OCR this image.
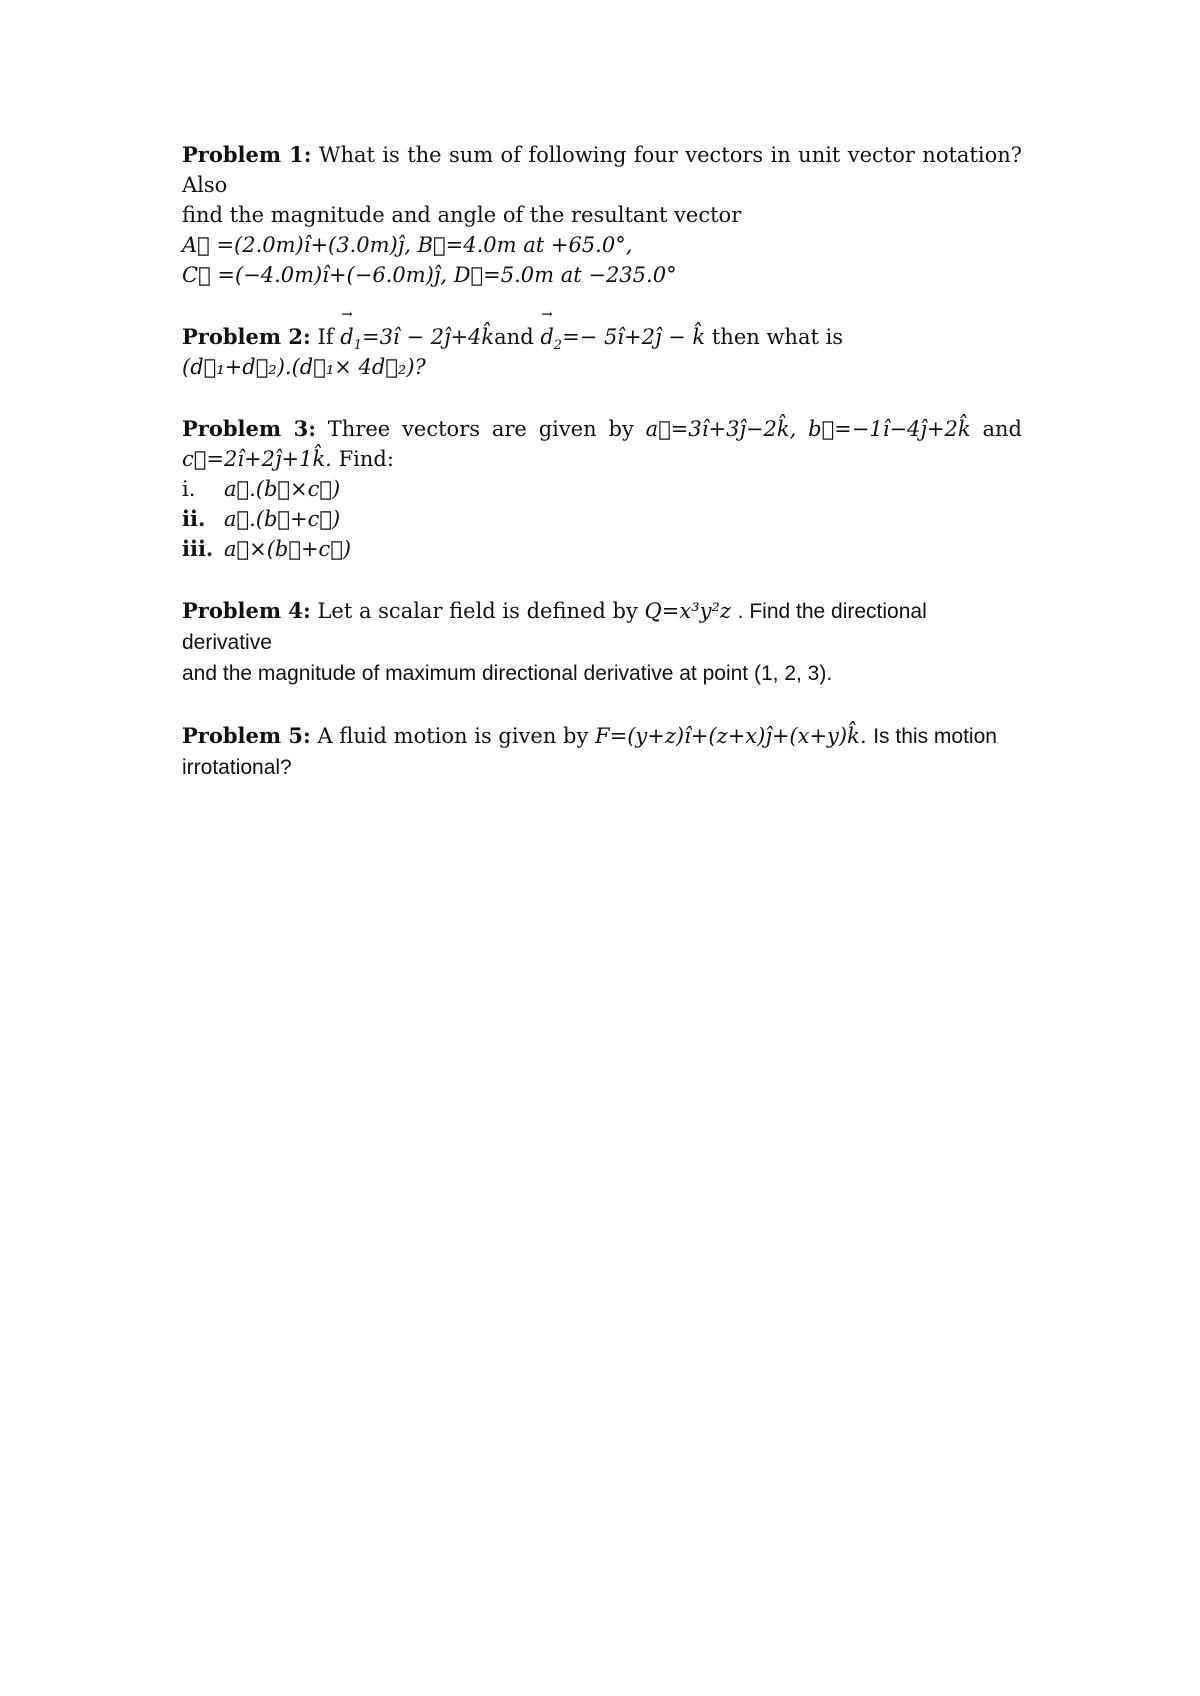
Problem 1: What is the sum of following four vectors in unit vector notation? Also

find the magnitude and angle of the resultant vector

A⃗ =(2.0m)î+(3.0m)ĵ, B⃗=4.0m at +65.0°,

C⃗ =(−4.0m)î+(−6.0m)ĵ, D⃗=5.0m at −235.0°

Problem 2: $If \to d_1=3î$ − 2ĵ+4k̂and → $d_2=-$ 5î+2ĵ − k̂ then what is

(d⃗₁+d⃗₂).(d⃗₁× 4d⃗₂)?

Problem 3: Three vectors are given by a⃗=3î+3ĵ−2k̂, b⃗=−1î−4ĵ+2k̂ and

c⃗=2î+2ĵ+1k̂. Find:

i.	a⃗.(b⃗×c⃗)
ii. a⃗.(b⃗+c⃗)
iii. a⃗×(b⃗+c⃗)

Problem 4: Let a scalar field is defined by Q=x³y²z . Find the directional derivative

and the magnitude of maximum directional derivative at point (1, 2, 3).

Problem 5: A fluid motion is given by F=(y+z)î+(z+x)ĵ+(x+y)k̂. Is this motion

irrotational?
